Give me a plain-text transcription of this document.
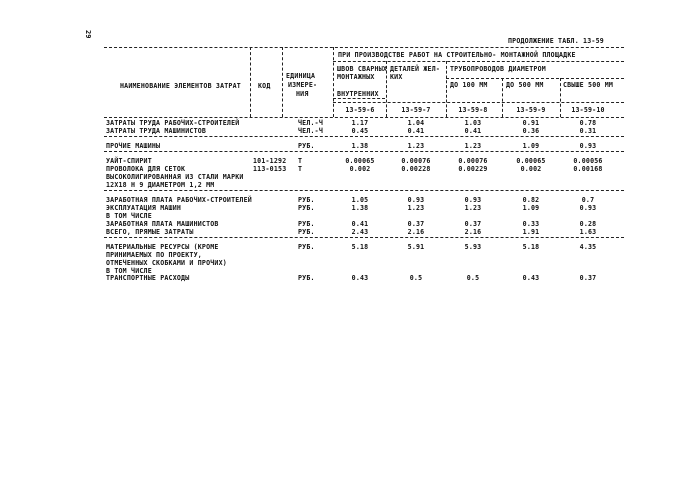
29
ПРОДОЛЖЕНИЕ ТАБЛ. 13-59
НАИМЕНОВАНИЕ ЭЛЕМЕНТОВ ЗАТРАТ	КОД
ЕДИНИЦА
ИЗМЕРЕ-
НИЯ
ПРИ ПРОИЗВОДСТВЕ РАБОТ НА СТРОИТЕЛЬНО- МОНТАЖНОЙ ПЛОЩАДКЕ
ШВОВ СВАРНЫХ
МОНТАЖНЫХ
ВНУТРЕННИХ
ДЕТАЛЕЙ ЖЕЛ-
КИХ
ТРУБОПРОВОДОВ ДИАМЕТРОМ
ДО 100 ММ	ДО 500 ММ	СВЫШЕ 500 ММ
13-59-6	13-59-7	13-59-8	13-59-9	13-59-10
ЗАТРАТЫ ТРУДА РАБОЧИХ-СТРОИТЕЛЕЙ	ЧЕЛ.-Ч	1.17	1.04	1.03	0.91	0.78
ЗАТРАТЫ ТРУДА МАШИНИСТОВ	ЧЕЛ.-Ч	0.45	0.41	0.41	0.36	0.31
ПРОЧИЕ МАШИНЫ	РУБ.	1.38	1.23	1.23	1.09	0.93
УАЙТ-СПИРИТ	101-1292 Т	0.00065	0.00076	0.00076	0.00065	0.00056
ПРОВОЛОКА ДЛЯ СЕТОК	113-0153 Т	0.002	0.00228	0.00229	0.002	0.00168
ВЫСОКОЛИГИРОВАННАЯ ИЗ СТАЛИ МАРКИ
12Х18 Н 9 ДИАМЕТРОМ 1,2 ММ
ЗАРАБОТНАЯ ПЛАТА РАБОЧИХ-СТРОИТЕЛЕЙ	РУБ.	1.05	0.93	0.93	0.82	0.7
ЭКСПЛУАТАЦИЯ МАШИН	РУБ.	1.38	1.23	1.23	1.09	0.93
В ТОМ ЧИСЛЕ
ЗАРАБОТНАЯ ПЛАТА МАШИНИСТОВ	РУБ.	0.41	0.37	0.37	0.33	0.28
ВСЕГО, ПРЯМЫЕ ЗАТРАТЫ	РУБ.	2.43	2.16	2.16	1.91	1.63
МАТЕРИАЛЬНЫЕ РЕСУРСЫ (КРОМЕ	РУБ.	5.18	5.91	5.93	5.18	4.35
ПРИНИМАЕМЫХ ПО ПРОЕКТУ,
ОТМЕЧЕННЫХ СКОБКАМИ И ПРОЧИХ)
В ТОМ ЧИСЛЕ
ТРАНСПОРТНЫЕ РАСХОДЫ	РУБ.	0.43	0.5	0.5	0.43	0.37
